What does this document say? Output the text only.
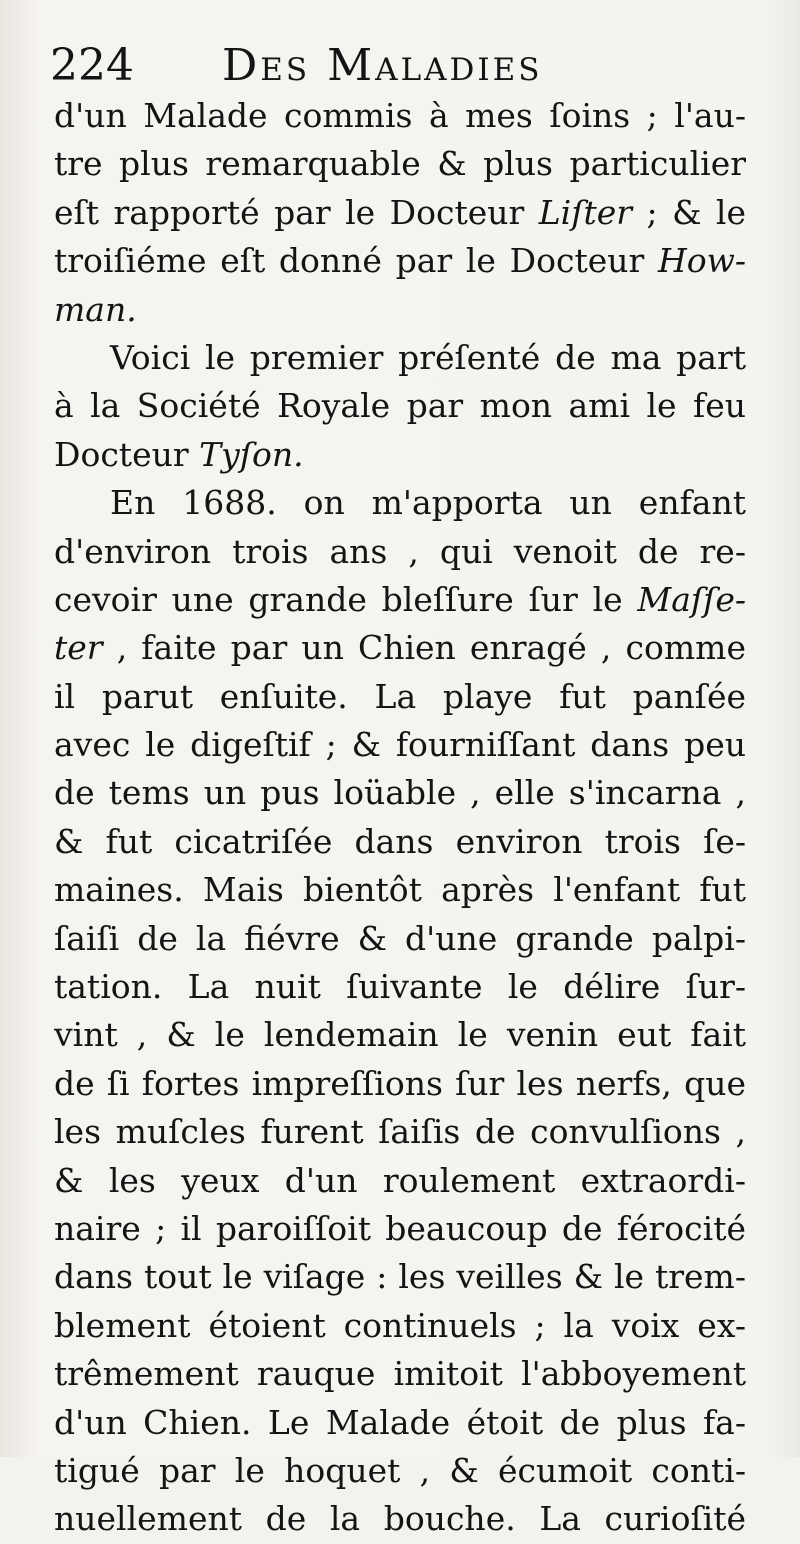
224 Des Maladies
d'un Malade commis à mes ſoins ; l'au-
tre plus remarquable & plus particulier
eſt rapporté par le Docteur Liſter ; & le
troiſiéme eſt donné par le Docteur How-
man.
Voici le premier préſenté de ma part
à la Société Royale par mon ami le feu
Docteur Tyſon.
En 1688. on m'apporta un enfant
d'environ trois ans , qui venoit de re-
cevoir une grande bleſſure ſur le Maſſe-
ter , faite par un Chien enragé , comme
il parut enſuite. La playe fut panſée
avec le digeſtif ; & fourniſſant dans peu
de tems un pus loüable , elle s'incarna ,
& fut cicatriſée dans environ trois ſe-
maines. Mais bientôt après l'enfant fut
ſaiſi de la fiévre & d'une grande palpi-
tation. La nuit ſuivante le délire ſur-
vint , & le lendemain le venin eut fait
de ſi fortes impreſſions ſur les nerfs, que
les muſcles furent ſaiſis de convulſions ,
& les yeux d'un roulement extraordi-
naire ; il paroiſſoit beaucoup de férocité
dans tout le viſage : les veilles & le trem-
blement étoient continuels ; la voix ex-
trêmement rauque imitoit l'abboyement
d'un Chien. Le Malade étoit de plus fa-
tigué par le hoquet , & écumoit conti-
nuellement de la bouche. La curioſité
